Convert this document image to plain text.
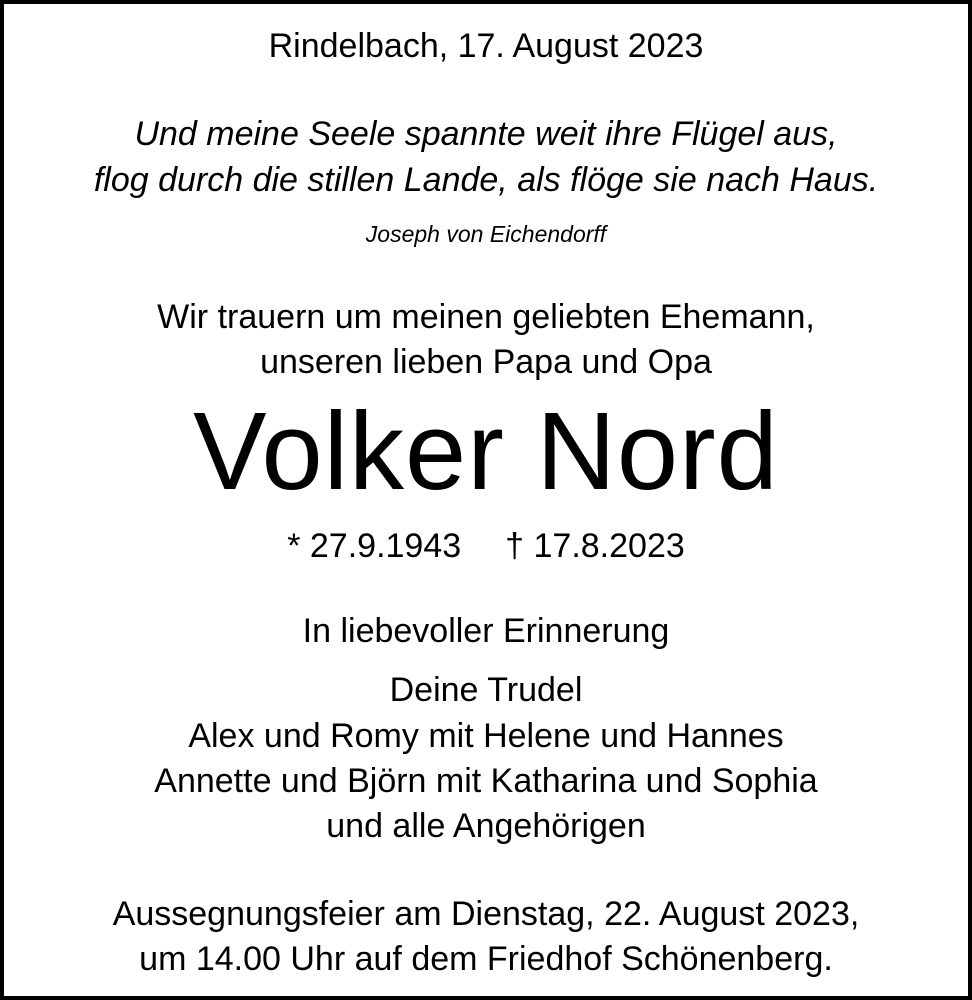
Rindelbach, 17. August 2023
Und meine Seele spannte weit ihre Flügel aus,
flog durch die stillen Lande, als flöge sie nach Haus.
Joseph von Eichendorff
Wir trauern um meinen geliebten Ehemann,
unseren lieben Papa und Opa
Volker Nord
* 27.9.1943 † 17.8.2023
In liebevoller Erinnerung
Deine Trudel
Alex und Romy mit Helene und Hannes
Annette und Björn mit Katharina und Sophia
und alle Angehörigen
Aussegnungsfeier am Dienstag, 22. August 2023,
um 14.00 Uhr auf dem Friedhof Schönenberg.
